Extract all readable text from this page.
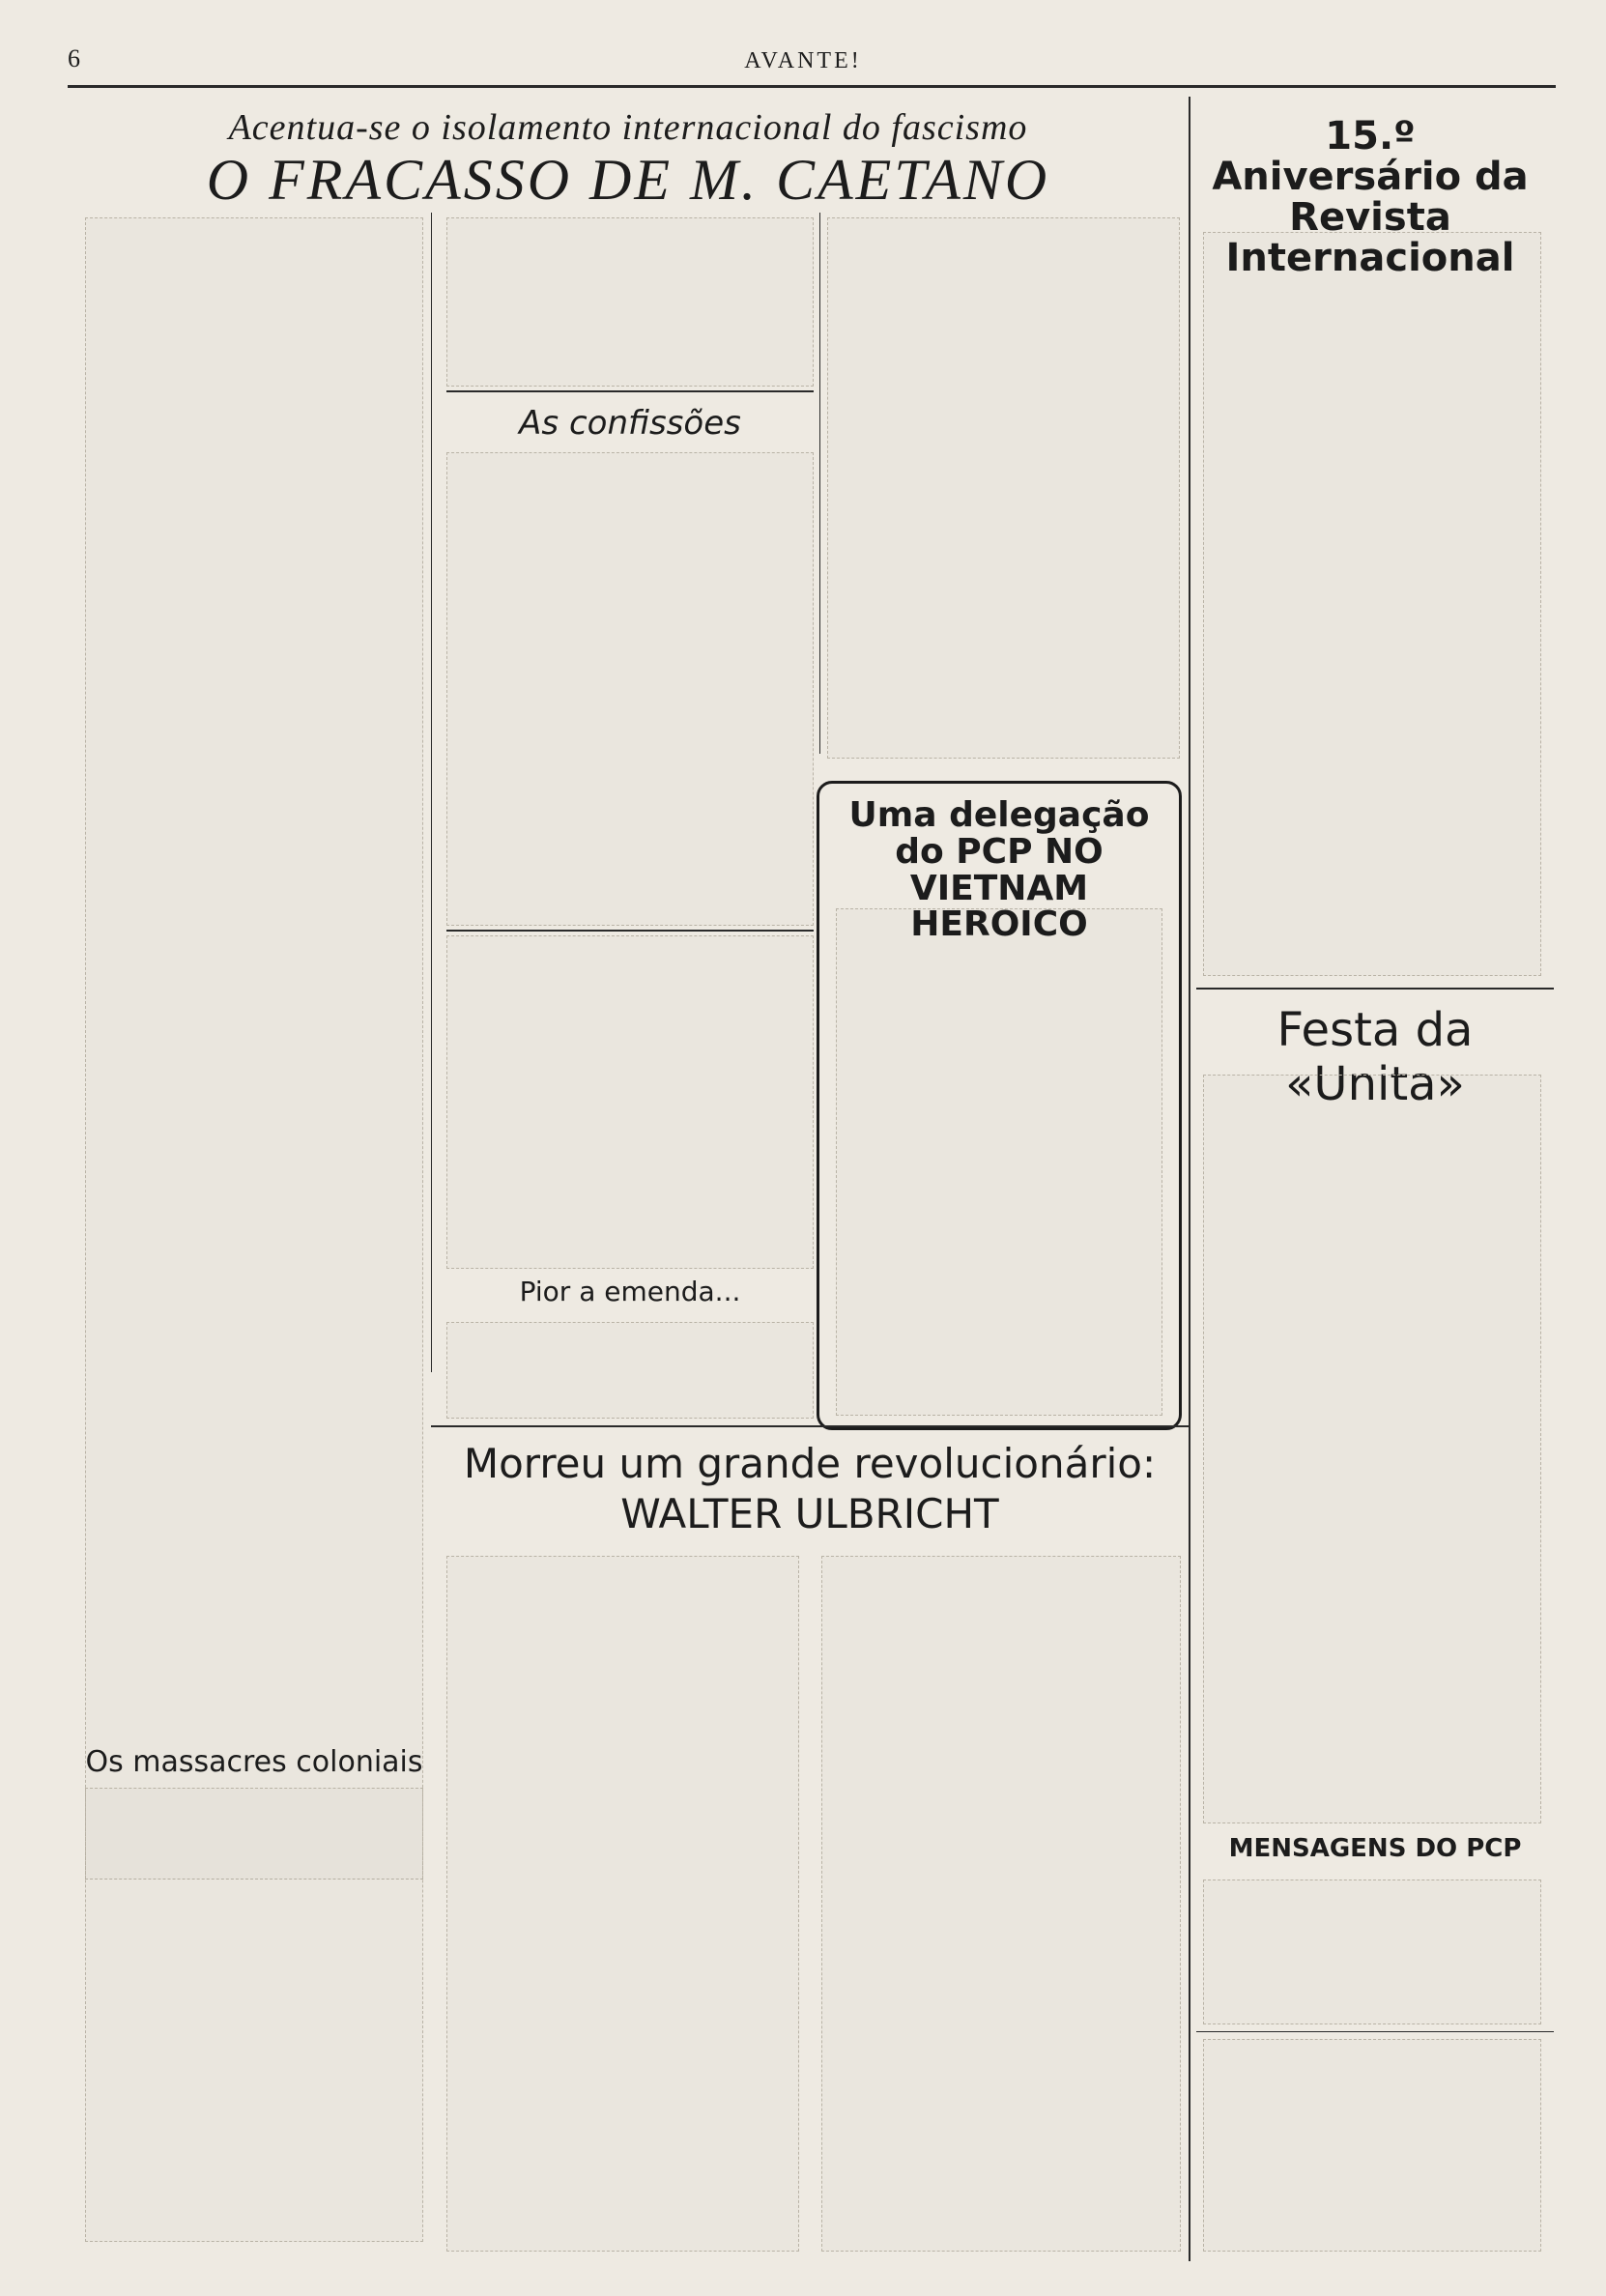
6	AVANTE!
Acentua-se o isolamento internacional do fascismo
O FRACASSO DE M. CAETANO
Os massacres coloniais
As confissões
Pior a emenda...
Uma delegação do PCP NO VIETNAM HEROICO
Morreu um grande revolucionário:
WALTER ULBRICHT
15.º Aniversário da Revista Internacional
Festa da «Unita»
MENSAGENS DO PCP
